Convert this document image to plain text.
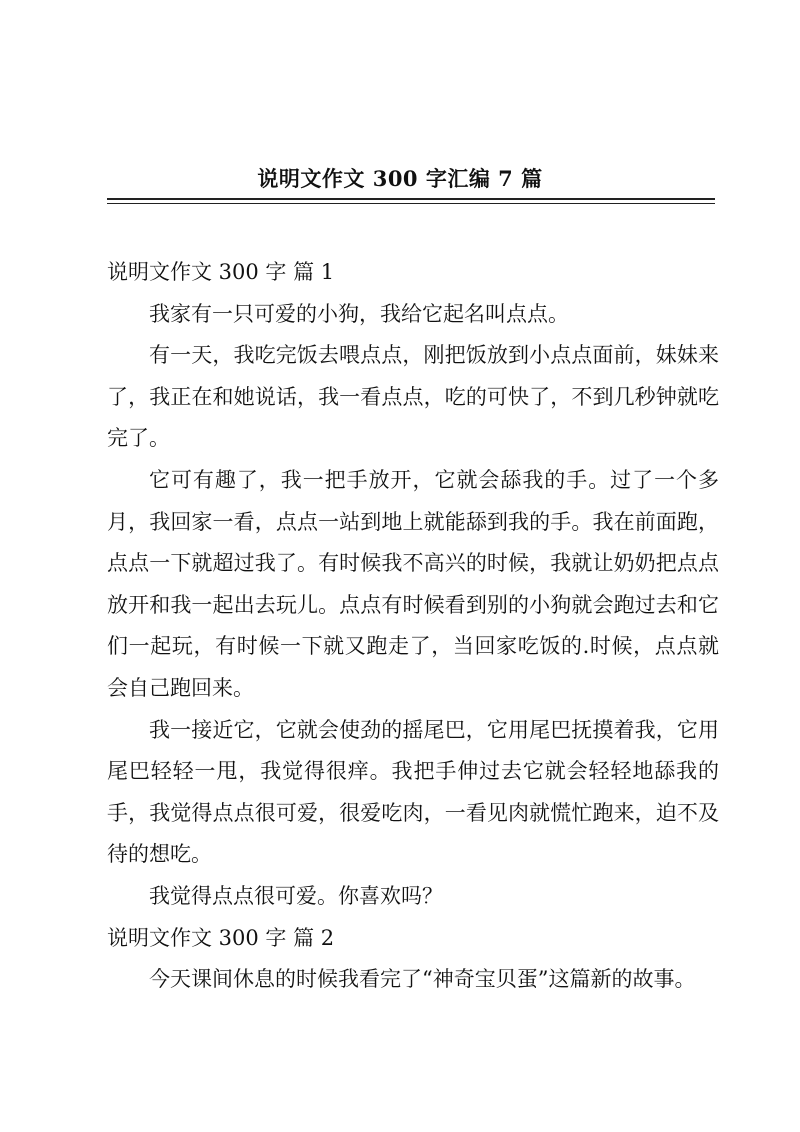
说明文作文 300 字汇编 7 篇

说明文作文 300 字 篇 1

我家有一只可爱的小狗，我给它起名叫点点。

有一天，我吃完饭去喂点点，刚把饭放到小点点面前，妹妹来了，我正在和她说话，我一看点点，吃的可快了，不到几秒钟就吃完了。

它可有趣了，我一把手放开，它就会舔我的手。过了一个多月，我回家一看，点点一站到地上就能舔到我的手。我在前面跑，点点一下就超过我了。有时候我不高兴的时候，我就让奶奶把点点放开和我一起出去玩儿。点点有时候看到别的小狗就会跑过去和它们一起玩，有时候一下就又跑走了，当回家吃饭的.时候，点点就会自己跑回来。

我一接近它，它就会使劲的摇尾巴，它用尾巴抚摸着我，它用尾巴轻轻一甩，我觉得很痒。我把手伸过去它就会轻轻地舔我的手，我觉得点点很可爱，很爱吃肉，一看见肉就慌忙跑来，迫不及待的想吃。

我觉得点点很可爱。你喜欢吗？

说明文作文 300 字 篇 2

今天课间休息的时候我看完了“神奇宝贝蛋”这篇新的故事。
